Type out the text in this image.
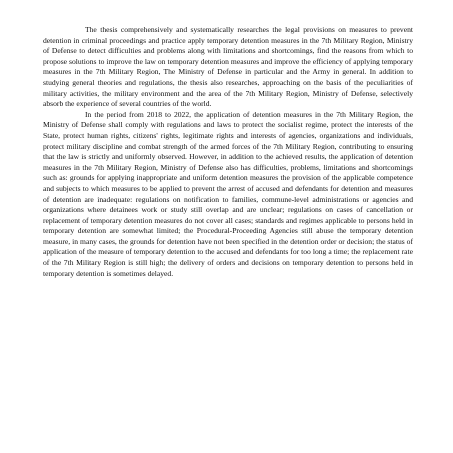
The thesis comprehensively and systematically researches the legal provisions on measures to prevent detention in criminal proceedings and practice apply temporary detention measures in the 7th Military Region, Ministry of Defense to detect difficulties and problems along with limitations and shortcomings, find the reasons from which to propose solutions to improve the law on temporary detention measures and improve the efficiency of applying temporary measures in the 7th Military Region, The Ministry of Defense in particular and the Army in general. In addition to studying general theories and regulations, the thesis also researches, approaching on the basis of the peculiarities of military activities, the military environment and the area of the 7th Military Region, Ministry of Defense, selectively absorb the experience of several countries of the world.

In the period from 2018 to 2022, the application of detention measures in the 7th Military Region, the Ministry of Defense shall comply with regulations and laws to protect the socialist regime, protect the interests of the State, protect human rights, citizens' rights, legitimate rights and interests of agencies, organizations and individuals, protect military discipline and combat strength of the armed forces of the 7th Military Region, contributing to ensuring that the law is strictly and uniformly observed. However, in addition to the achieved results, the application of detention measures in the 7th Military Region, Ministry of Defense also has difficulties, problems, limitations and shortcomings such as: grounds for applying inappropriate and uniform detention measures the provision of the applicable competence and subjects to which measures to be applied to prevent the arrest of accused and defendants for detention and measures of detention are inadequate: regulations on notification to families, commune-level administrations or agencies and organizations where detainees work or study still overlap and are unclear; regulations on cases of cancellation or replacement of temporary detention measures do not cover all cases; standards and regimes applicable to persons held in temporary detention are somewhat limited; the Procedural-Proceeding Agencies still abuse the temporary detention measure, in many cases, the grounds for detention have not been specified in the detention order or decision; the status of application of the measure of temporary detention to the accused and defendants for too long a time; the replacement rate of the 7th Military Region is still high; the delivery of orders and decisions on temporary detention to persons held in temporary detention is sometimes delayed.
